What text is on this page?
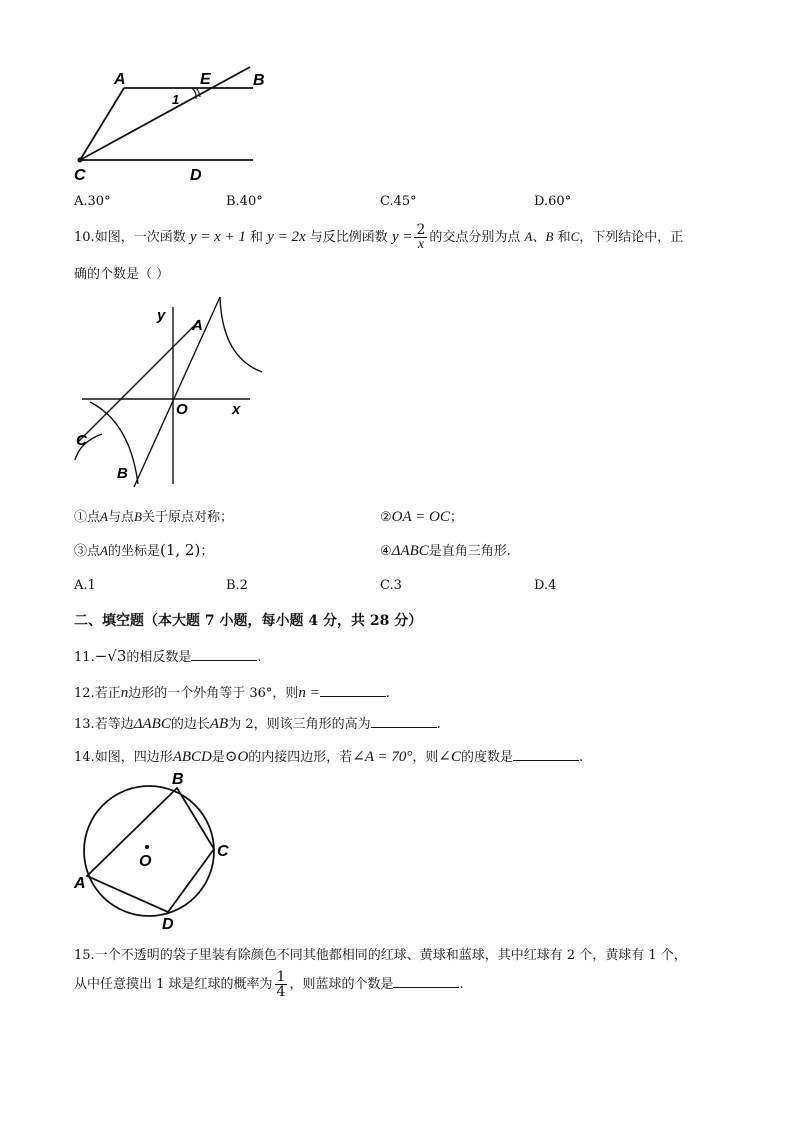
A	E	B
1
C	D
A.30°	B.40°	C.45°	D.60°
10.如图，一次函数 y = x + 1 和 y = 2x 与反比例函数 $y = \frac{2}{x}$ 的交点分别为点 A、B 和C，下列结论中，正
确的个数是（ ）
y
A
O	x
C
B
①点A与点B关于原点对称；	②OA = OC；
③点A的坐标是(1, 2)；	④ΔABC是直角三角形.
A.1	B.2	C.3	D.4
二、填空题（本大题 7 小题，每小题 4 分，共 28 分）
11.−√3的相反数是	.
12.若正n边形的一个外角等于 36°，则n =	.
13.若等边ΔABC的边长AB为 2，则该三角形的高为	.
14.如图，四边形ABCD是⊙O的内接四边形，若∠A = 70°，则∠C的度数是	.
B
O
C
A
D
15.一个不透明的袋子里装有除颜色不同其他都相同的红球、黄球和蓝球，其中红球有 2 个，黄球有 1 个，
从中任意摸出 1 球是红球的概率为 $\frac{1}{4}$ ，则蓝球的个数是	.
